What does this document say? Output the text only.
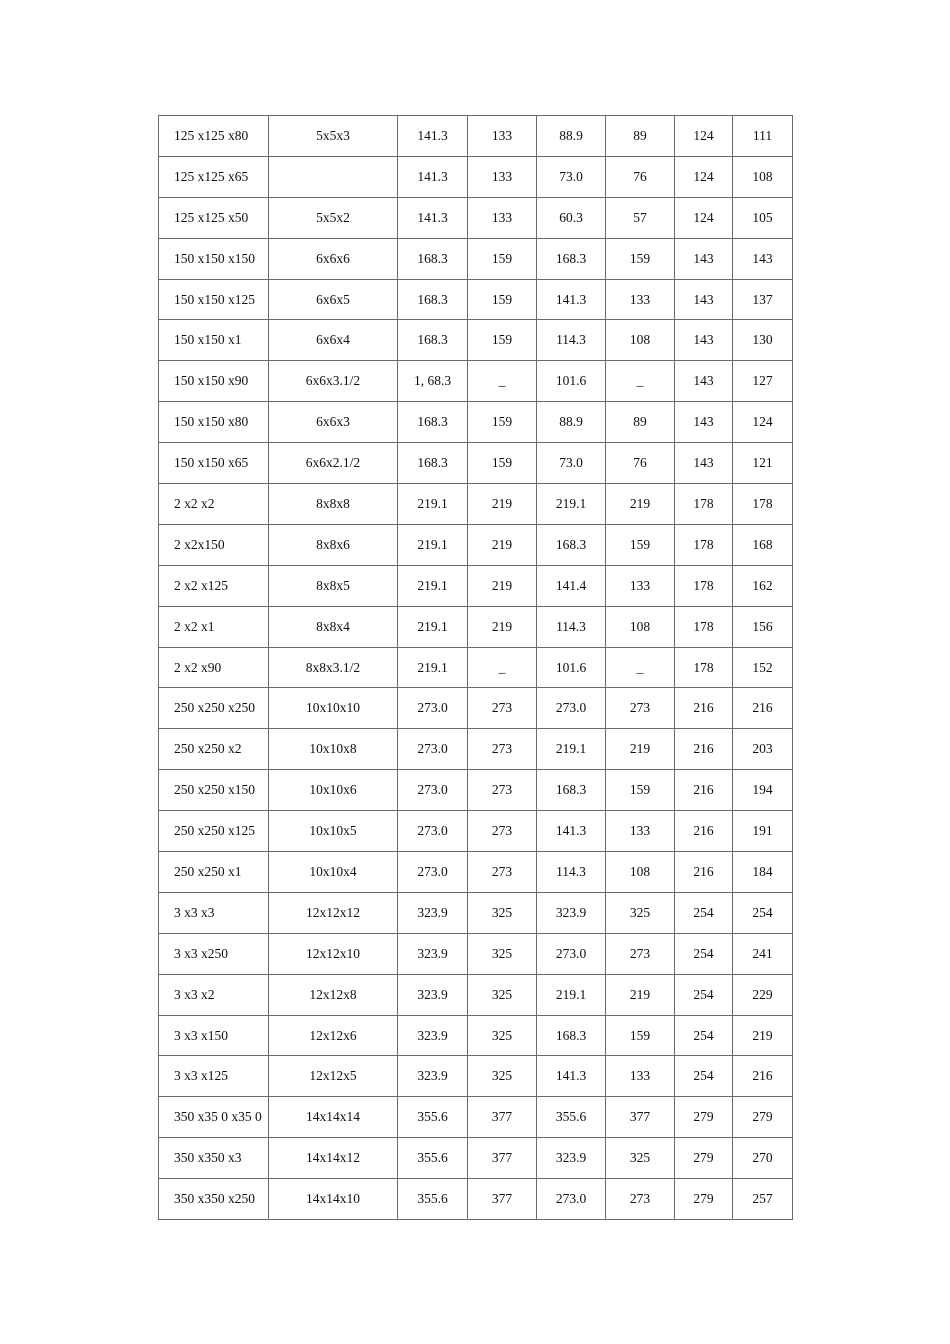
125 x125 x80	5x5x3	141.3	133	88.9	89	124	111
125 x125 x65		141.3	133	73.0	76	124	108
125 x125 x50	5x5x2	141.3	133	60.3	57	124	105
150 x150 x150	6x6x6	168.3	159	168.3	159	143	143
150 x150 x125	6x6x5	168.3	159	141.3	133	143	137
150 x150 x1	6x6x4	168.3	159	114.3	108	143	130
150 x150 x90	6x6x3.1/2	1, 68.3	_	101.6	_	143	127
150 x150 x80	6x6x3	168.3	159	88.9	89	143	124
150 x150 x65	6x6x2.1/2	168.3	159	73.0	76	143	121
2 x2 x2	8x8x8	219.1	219	219.1	219	178	178
2 x2x150	8x8x6	219.1	219	168.3	159	178	168
2 x2 x125	8x8x5	219.1	219	141.4	133	178	162
2 x2 x1	8x8x4	219.1	219	114.3	108	178	156
2 x2 x90	8x8x3.1/2	219.1	_	101.6	_	178	152
250 x250 x250	10x10x10	273.0	273	273.0	273	216	216
250 x250 x2	10x10x8	273.0	273	219.1	219	216	203
250 x250 x150	10x10x6	273.0	273	168.3	159	216	194
250 x250 x125	10x10x5	273.0	273	141.3	133	216	191
250 x250 x1	10x10x4	273.0	273	114.3	108	216	184
3 x3 x3	12x12x12	323.9	325	323.9	325	254	254
3 x3 x250	12x12x10	323.9	325	273.0	273	254	241
3 x3 x2	12x12x8	323.9	325	219.1	219	254	229
3 x3 x150	12x12x6	323.9	325	168.3	159	254	219
3 x3 x125	12x12x5	323.9	325	141.3	133	254	216
350 x35 0 x35 0	14x14x14	355.6	377	355.6	377	279	279
350 x350 x3	14x14x12	355.6	377	323.9	325	279	270
350 x350 x250	14x14x10	355.6	377	273.0	273	279	257
